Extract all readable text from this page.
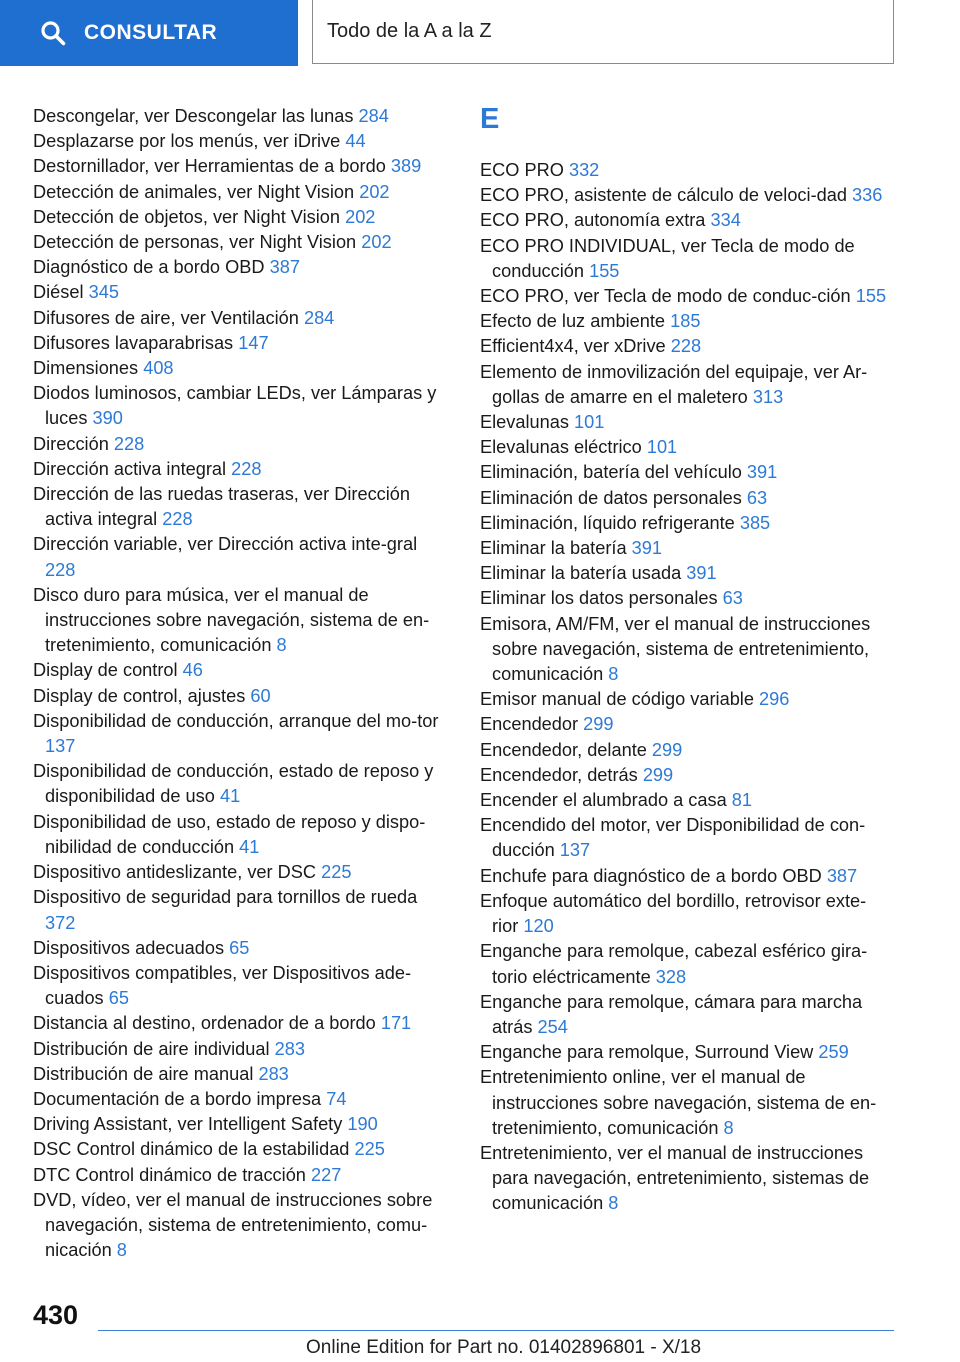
CONSULTAR	Todo de la A a la Z
Descongelar, ver Descongelar las lunas 284
Desplazarse por los menús, ver iDrive 44
Destornillador, ver Herramientas de a bordo 389
Detección de animales, ver Night Vision 202
Detección de objetos, ver Night Vision 202
Detección de personas, ver Night Vision 202
Diagnóstico de a bordo OBD 387
Diésel 345
Difusores de aire, ver Ventilación 284
Difusores lavaparabrisas 147
Dimensiones 408
Diodos luminosos, cambiar LEDs, ver Lámparas y luces 390
Dirección 228
Dirección activa integral 228
Dirección de las ruedas traseras, ver Dirección activa integral 228
Dirección variable, ver Dirección activa inte-gral 228
Disco duro para música, ver el manual de instrucciones sobre navegación, sistema de en-tretenimiento, comunicación 8
Display de control 46
Display de control, ajustes 60
Disponibilidad de conducción, arranque del mo-tor 137
Disponibilidad de conducción, estado de reposo y disponibilidad de uso 41
Disponibilidad de uso, estado de reposo y dispo-nibilidad de conducción 41
Dispositivo antideslizante, ver DSC 225
Dispositivo de seguridad para tornillos de rueda 372
Dispositivos adecuados 65
Dispositivos compatibles, ver Dispositivos ade-cuados 65
Distancia al destino, ordenador de a bordo 171
Distribución de aire individual 283
Distribución de aire manual 283
Documentación de a bordo impresa 74
Driving Assistant, ver Intelligent Safety 190
DSC Control dinámico de la estabilidad 225
DTC Control dinámico de tracción 227
DVD, vídeo, ver el manual de instrucciones sobre navegación, sistema de entretenimiento, comu-nicación 8
E
ECO PRO 332
ECO PRO, asistente de cálculo de veloci-dad 336
ECO PRO, autonomía extra 334
ECO PRO INDIVIDUAL, ver Tecla de modo de conducción 155
ECO PRO, ver Tecla de modo de conduc-ción 155
Efecto de luz ambiente 185
Efficient4x4, ver xDrive 228
Elemento de inmovilización del equipaje, ver Ar-gollas de amarre en el maletero 313
Elevalunas 101
Elevalunas eléctrico 101
Eliminación, batería del vehículo 391
Eliminación de datos personales 63
Eliminación, líquido refrigerante 385
Eliminar la batería 391
Eliminar la batería usada 391
Eliminar los datos personales 63
Emisora, AM/FM, ver el manual de instrucciones sobre navegación, sistema de entretenimiento, comunicación 8
Emisor manual de código variable 296
Encendedor 299
Encendedor, delante 299
Encendedor, detrás 299
Encender el alumbrado a casa 81
Encendido del motor, ver Disponibilidad de con-ducción 137
Enchufe para diagnóstico de a bordo OBD 387
Enfoque automático del bordillo, retrovisor exte-rior 120
Enganche para remolque, cabezal esférico gira-torio eléctricamente 328
Enganche para remolque, cámara para marcha atrás 254
Enganche para remolque, Surround View 259
Entretenimiento online, ver el manual de instrucciones sobre navegación, sistema de en-tretenimiento, comunicación 8
Entretenimiento, ver el manual de instrucciones para navegación, entretenimiento, sistemas de comunicación 8
430
Online Edition for Part no. 01402896801 - X/18
